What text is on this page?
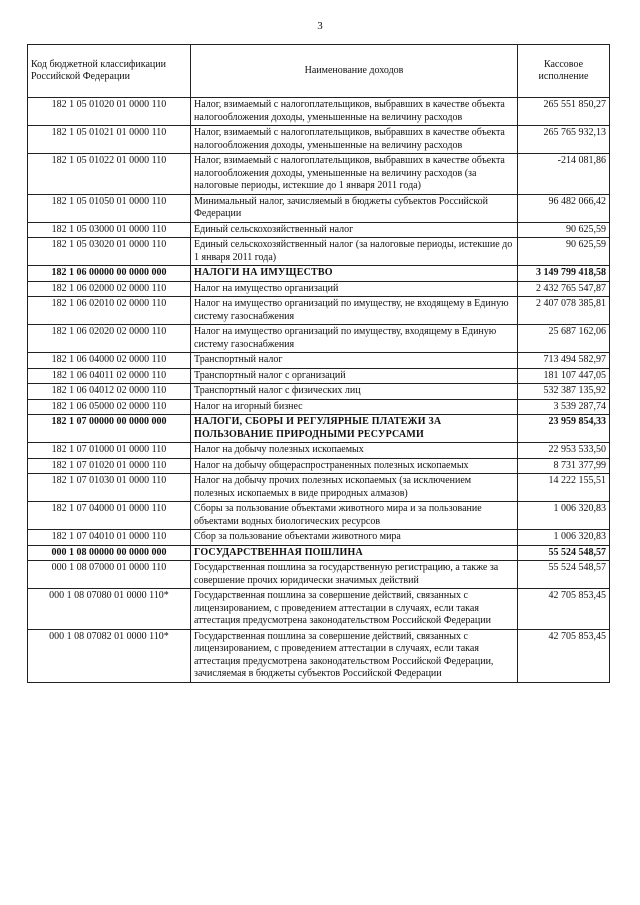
3
Код бюджетной классификации Российской Федерации	Наименование доходов	Кассовое исполнение
182 1 05 01020 01 0000 110	Налог, взимаемый с налогоплательщиков, выбравших в качестве объекта налогообложения доходы, уменьшенные на величину расходов	265 551 850,27
182 1 05 01021 01 0000 110	Налог, взимаемый с налогоплательщиков, выбравших в качестве объекта налогообложения доходы, уменьшенные на величину расходов	265 765 932,13
182 1 05 01022 01 0000 110	Налог, взимаемый с налогоплательщиков, выбравших в качестве объекта налогообложения доходы, уменьшенные на величину расходов (за налоговые периоды, истекшие до 1 января 2011 года)	-214 081,86
182 1 05 01050 01 0000 110	Минимальный налог, зачисляемый в бюджеты субъектов Российской Федерации	96 482 066,42
182 1 05 03000 01 0000 110	Единый сельскохозяйственный налог	90 625,59
182 1 05 03020 01 0000 110	Единый сельскохозяйственный налог (за налоговые периоды, истекшие до 1 января 2011 года)	90 625,59
182 1 06 00000 00 0000 000	НАЛОГИ НА ИМУЩЕСТВО	3 149 799 418,58
182 1 06 02000 02 0000 110	Налог на имущество организаций	2 432 765 547,87
182 1 06 02010 02 0000 110	Налог на имущество организаций по имуществу, не входящему в Единую систему газоснабжения	2 407 078 385,81
182 1 06 02020 02 0000 110	Налог на имущество организаций по имуществу, входящему в Единую систему газоснабжения	25 687 162,06
182 1 06 04000 02 0000 110	Транспортный налог	713 494 582,97
182 1 06 04011 02 0000 110	Транспортный налог с организаций	181 107 447,05
182 1 06 04012 02 0000 110	Транспортный налог с физических лиц	532 387 135,92
182 1 06 05000 02 0000 110	Налог на игорный бизнес	3 539 287,74
182 1 07 00000 00 0000 000	НАЛОГИ, СБОРЫ И РЕГУЛЯРНЫЕ ПЛАТЕЖИ ЗА ПОЛЬЗОВАНИЕ ПРИРОДНЫМИ РЕСУРСАМИ	23 959 854,33
182 1 07 01000 01 0000 110	Налог на добычу полезных ископаемых	22 953 533,50
182 1 07 01020 01 0000 110	Налог на добычу общераспространенных полезных ископаемых	8 731 377,99
182 1 07 01030 01 0000 110	Налог на добычу прочих полезных ископаемых (за исключением полезных ископаемых в виде природных алмазов)	14 222 155,51
182 1 07 04000 01 0000 110	Сборы за пользование объектами животного мира и за пользование объектами водных биологических ресурсов	1 006 320,83
182 1 07 04010 01 0000 110	Сбор за пользование объектами животного мира	1 006 320,83
000 1 08 00000 00 0000 000	ГОСУДАРСТВЕННАЯ ПОШЛИНА	55 524 548,57
000 1 08 07000 01 0000 110	Государственная пошлина за государственную регистрацию, а также за совершение прочих юридически значимых действий	55 524 548,57
000 1 08 07080 01 0000 110*	Государственная пошлина за совершение действий, связанных с лицензированием, с проведением аттестации в случаях, если такая аттестация предусмотрена законодательством Российской Федерации	42 705 853,45
000 1 08 07082 01 0000 110*	Государственная пошлина за совершение действий, связанных с лицензированием, с проведением аттестации в случаях, если такая аттестация предусмотрена законодательством Российской Федерации, зачисляемая в бюджеты субъектов Российской Федерации	42 705 853,45
